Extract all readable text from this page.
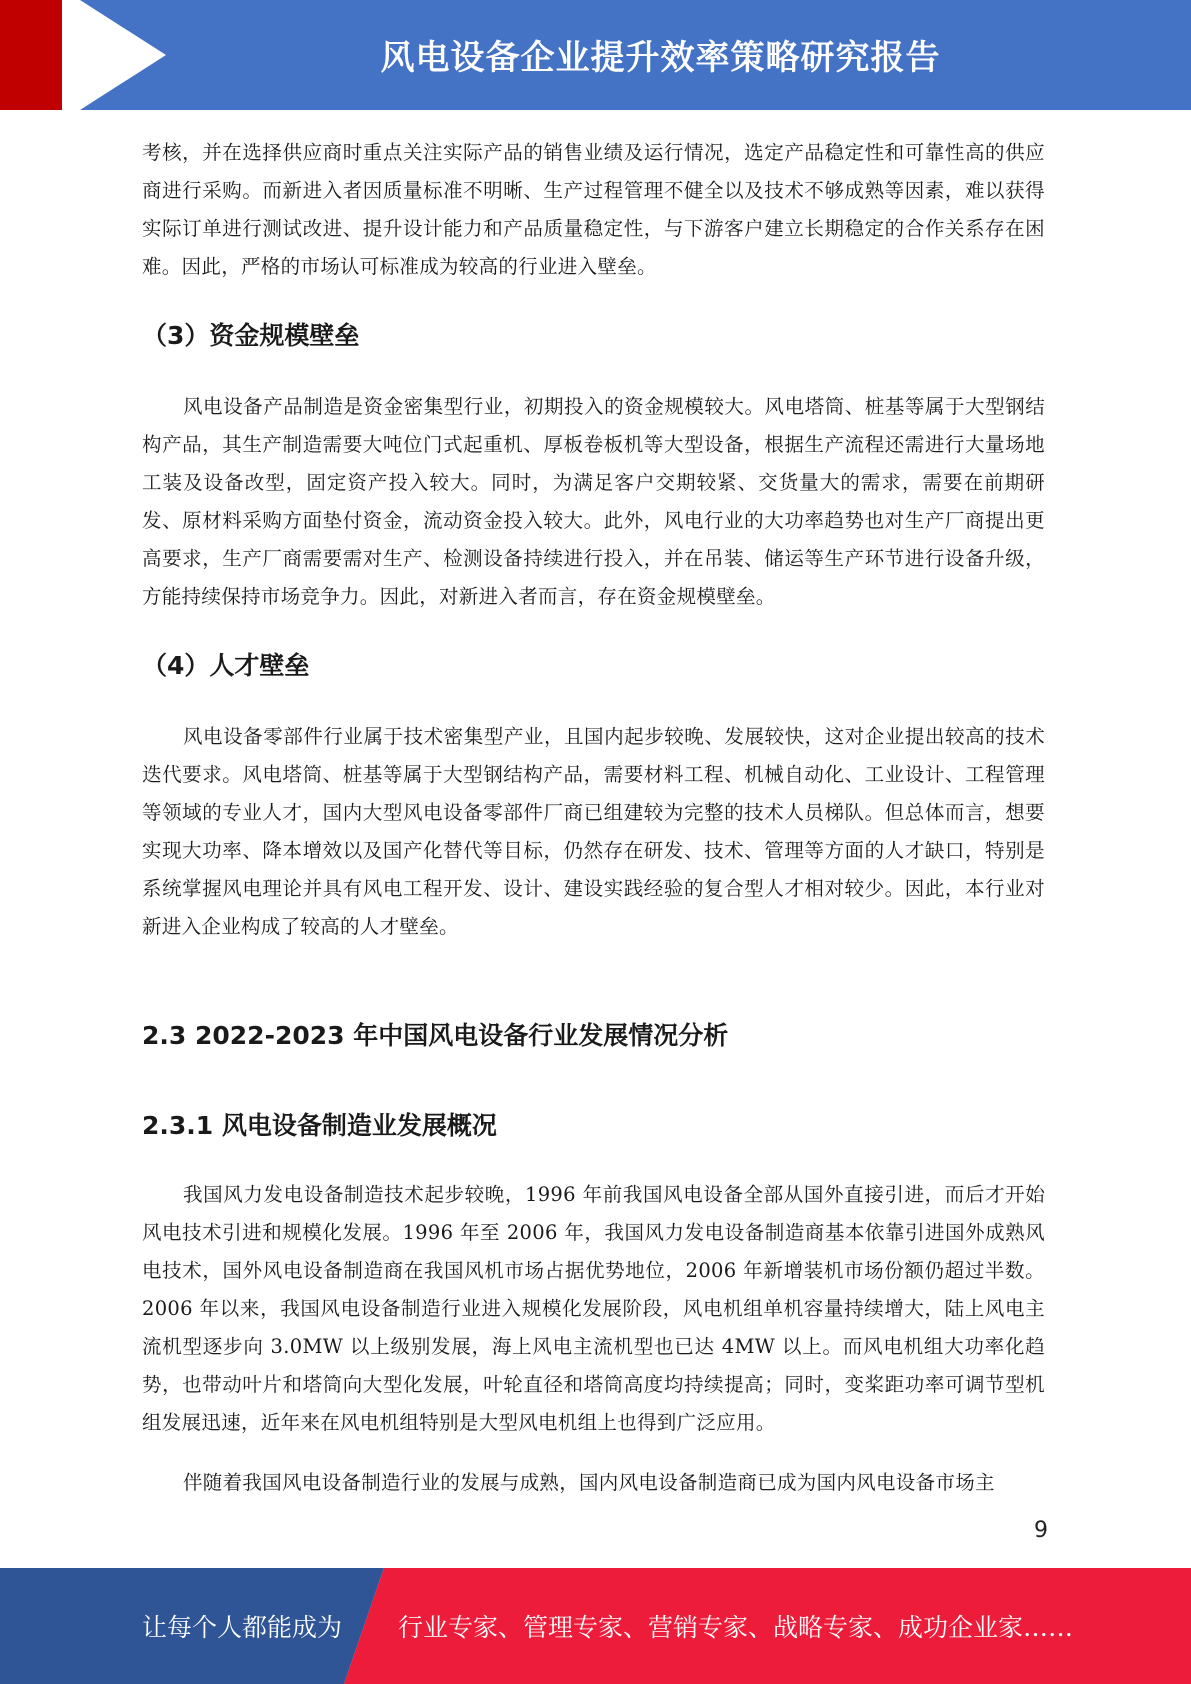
风电设备企业提升效率策略研究报告

考核，并在选择供应商时重点关注实际产品的销售业绩及运行情况，选定产品稳定性和可靠性高的供应商进行采购。而新进入者因质量标准不明晰、生产过程管理不健全以及技术不够成熟等因素，难以获得实际订单进行测试改进、提升设计能力和产品质量稳定性，与下游客户建立长期稳定的合作关系存在困难。因此，严格的市场认可标准成为较高的行业进入壁垒。

（3）资金规模壁垒

风电设备产品制造是资金密集型行业，初期投入的资金规模较大。风电塔筒、桩基等属于大型钢结构产品，其生产制造需要大吨位门式起重机、厚板卷板机等大型设备，根据生产流程还需进行大量场地工装及设备改型，固定资产投入较大。同时，为满足客户交期较紧、交货量大的需求，需要在前期研发、原材料采购方面垫付资金，流动资金投入较大。此外，风电行业的大功率趋势也对生产厂商提出更高要求，生产厂商需要需对生产、检测设备持续进行投入，并在吊装、储运等生产环节进行设备升级，方能持续保持市场竞争力。因此，对新进入者而言，存在资金规模壁垒。

（4）人才壁垒

风电设备零部件行业属于技术密集型产业，且国内起步较晚、发展较快，这对企业提出较高的技术迭代要求。风电塔筒、桩基等属于大型钢结构产品，需要材料工程、机械自动化、工业设计、工程管理等领域的专业人才，国内大型风电设备零部件厂商已组建较为完整的技术人员梯队。但总体而言，想要实现大功率、降本增效以及国产化替代等目标，仍然存在研发、技术、管理等方面的人才缺口，特别是系统掌握风电理论并具有风电工程开发、设计、建设实践经验的复合型人才相对较少。因此，本行业对新进入企业构成了较高的人才壁垒。

2.3 2022-2023 年中国风电设备行业发展情况分析
2.3.1 风电设备制造业发展概况

我国风力发电设备制造技术起步较晚，1996 年前我国风电设备全部从国外直接引进，而后才开始风电技术引进和规模化发展。1996 年至 2006 年，我国风力发电设备制造商基本依靠引进国外成熟风电技术，国外风电设备制造商在我国风机市场占据优势地位，2006 年新增装机市场份额仍超过半数。2006 年以来，我国风电设备制造行业进入规模化发展阶段，风电机组单机容量持续增大，陆上风电主流机型逐步向 3.0MW 以上级别发展，海上风电主流机型也已达 4MW 以上。而风电机组大功率化趋势，也带动叶片和塔筒向大型化发展，叶轮直径和塔筒高度均持续提高；同时，变桨距功率可调节型机组发展迅速，近年来在风电机组特别是大型风电机组上也得到广泛应用。

伴随着我国风电设备制造行业的发展与成熟，国内风电设备制造商已成为国内风电设备市场主

9
让每个人都能成为 行业专家、管理专家、营销专家、战略专家、成功企业家……
